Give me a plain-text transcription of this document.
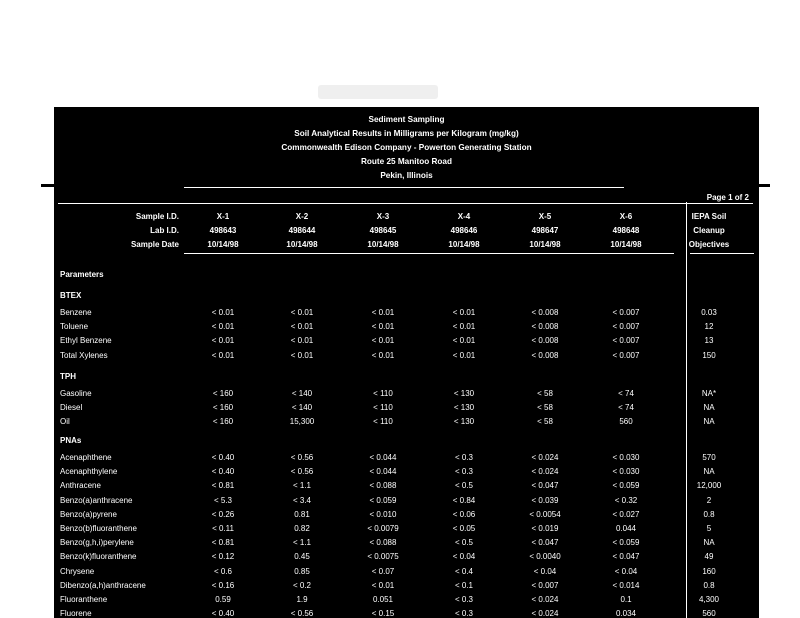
Sediment Sampling
Soil Analytical Results in Milligrams per Kilogram (mg/kg)
Commonwealth Edison Company - Powerton Generating Station
Route 25 Manitoo Road
Pekin, Illinois
Page 1 of 2
Sample I.D.	X-1	X-2	X-3	X-4	X-5	X-6	IEPA Soil
Lab I.D.	498643	498644	498645	498646	498647	498648	Cleanup
Sample Date	10/14/98	10/14/98	10/14/98	10/14/98	10/14/98	10/14/98	Objectives
Parameters
BTEX
Benzene	< 0.01	< 0.01	< 0.01	< 0.01	< 0.008	< 0.007	0.03
Toluene	< 0.01	< 0.01	< 0.01	< 0.01	< 0.008	< 0.007	12
Ethyl Benzene	< 0.01	< 0.01	< 0.01	< 0.01	< 0.008	< 0.007	13
Total Xylenes	< 0.01	< 0.01	< 0.01	< 0.01	< 0.008	< 0.007	150
TPH
Gasoline	< 160	< 140	< 110	< 130	< 58	< 74	NA*
Diesel	< 160	< 140	< 110	< 130	< 58	< 74	NA
Oil	< 160	15,300	< 110	< 130	< 58	560	NA
PNAs
Acenaphthene	< 0.40	< 0.56	< 0.044	< 0.3	< 0.024	< 0.030	570
Acenaphthylene	< 0.40	< 0.56	< 0.044	< 0.3	< 0.024	< 0.030	NA
Anthracene	< 0.81	< 1.1	< 0.088	< 0.5	< 0.047	< 0.059	12,000
Benzo(a)anthracene	< 5.3	< 3.4	< 0.059	< 0.84	< 0.039	< 0.32	2
Benzo(a)pyrene	< 0.26	0.81	< 0.010	< 0.06	< 0.0054	< 0.027	0.8
Benzo(b)fluoranthene	< 0.11	0.82	< 0.0079	< 0.05	< 0.019	0.044	5
Benzo(g,h,i)perylene	< 0.81	< 1.1	< 0.088	< 0.5	< 0.047	< 0.059	NA
Benzo(k)fluoranthene	< 0.12	0.45	< 0.0075	< 0.04	< 0.0040	< 0.047	49
Chrysene	< 0.6	0.85	< 0.07	< 0.4	< 0.04	< 0.04	160
Dibenzo(a,h)anthracene	< 0.16	< 0.2	< 0.01	< 0.1	< 0.007	< 0.014	0.8
Fluoranthene	0.59	1.9	0.051	< 0.3	< 0.024	0.1	4,300
Fluorene	< 0.40	< 0.56	< 0.15	< 0.3	< 0.024	0.034	560
